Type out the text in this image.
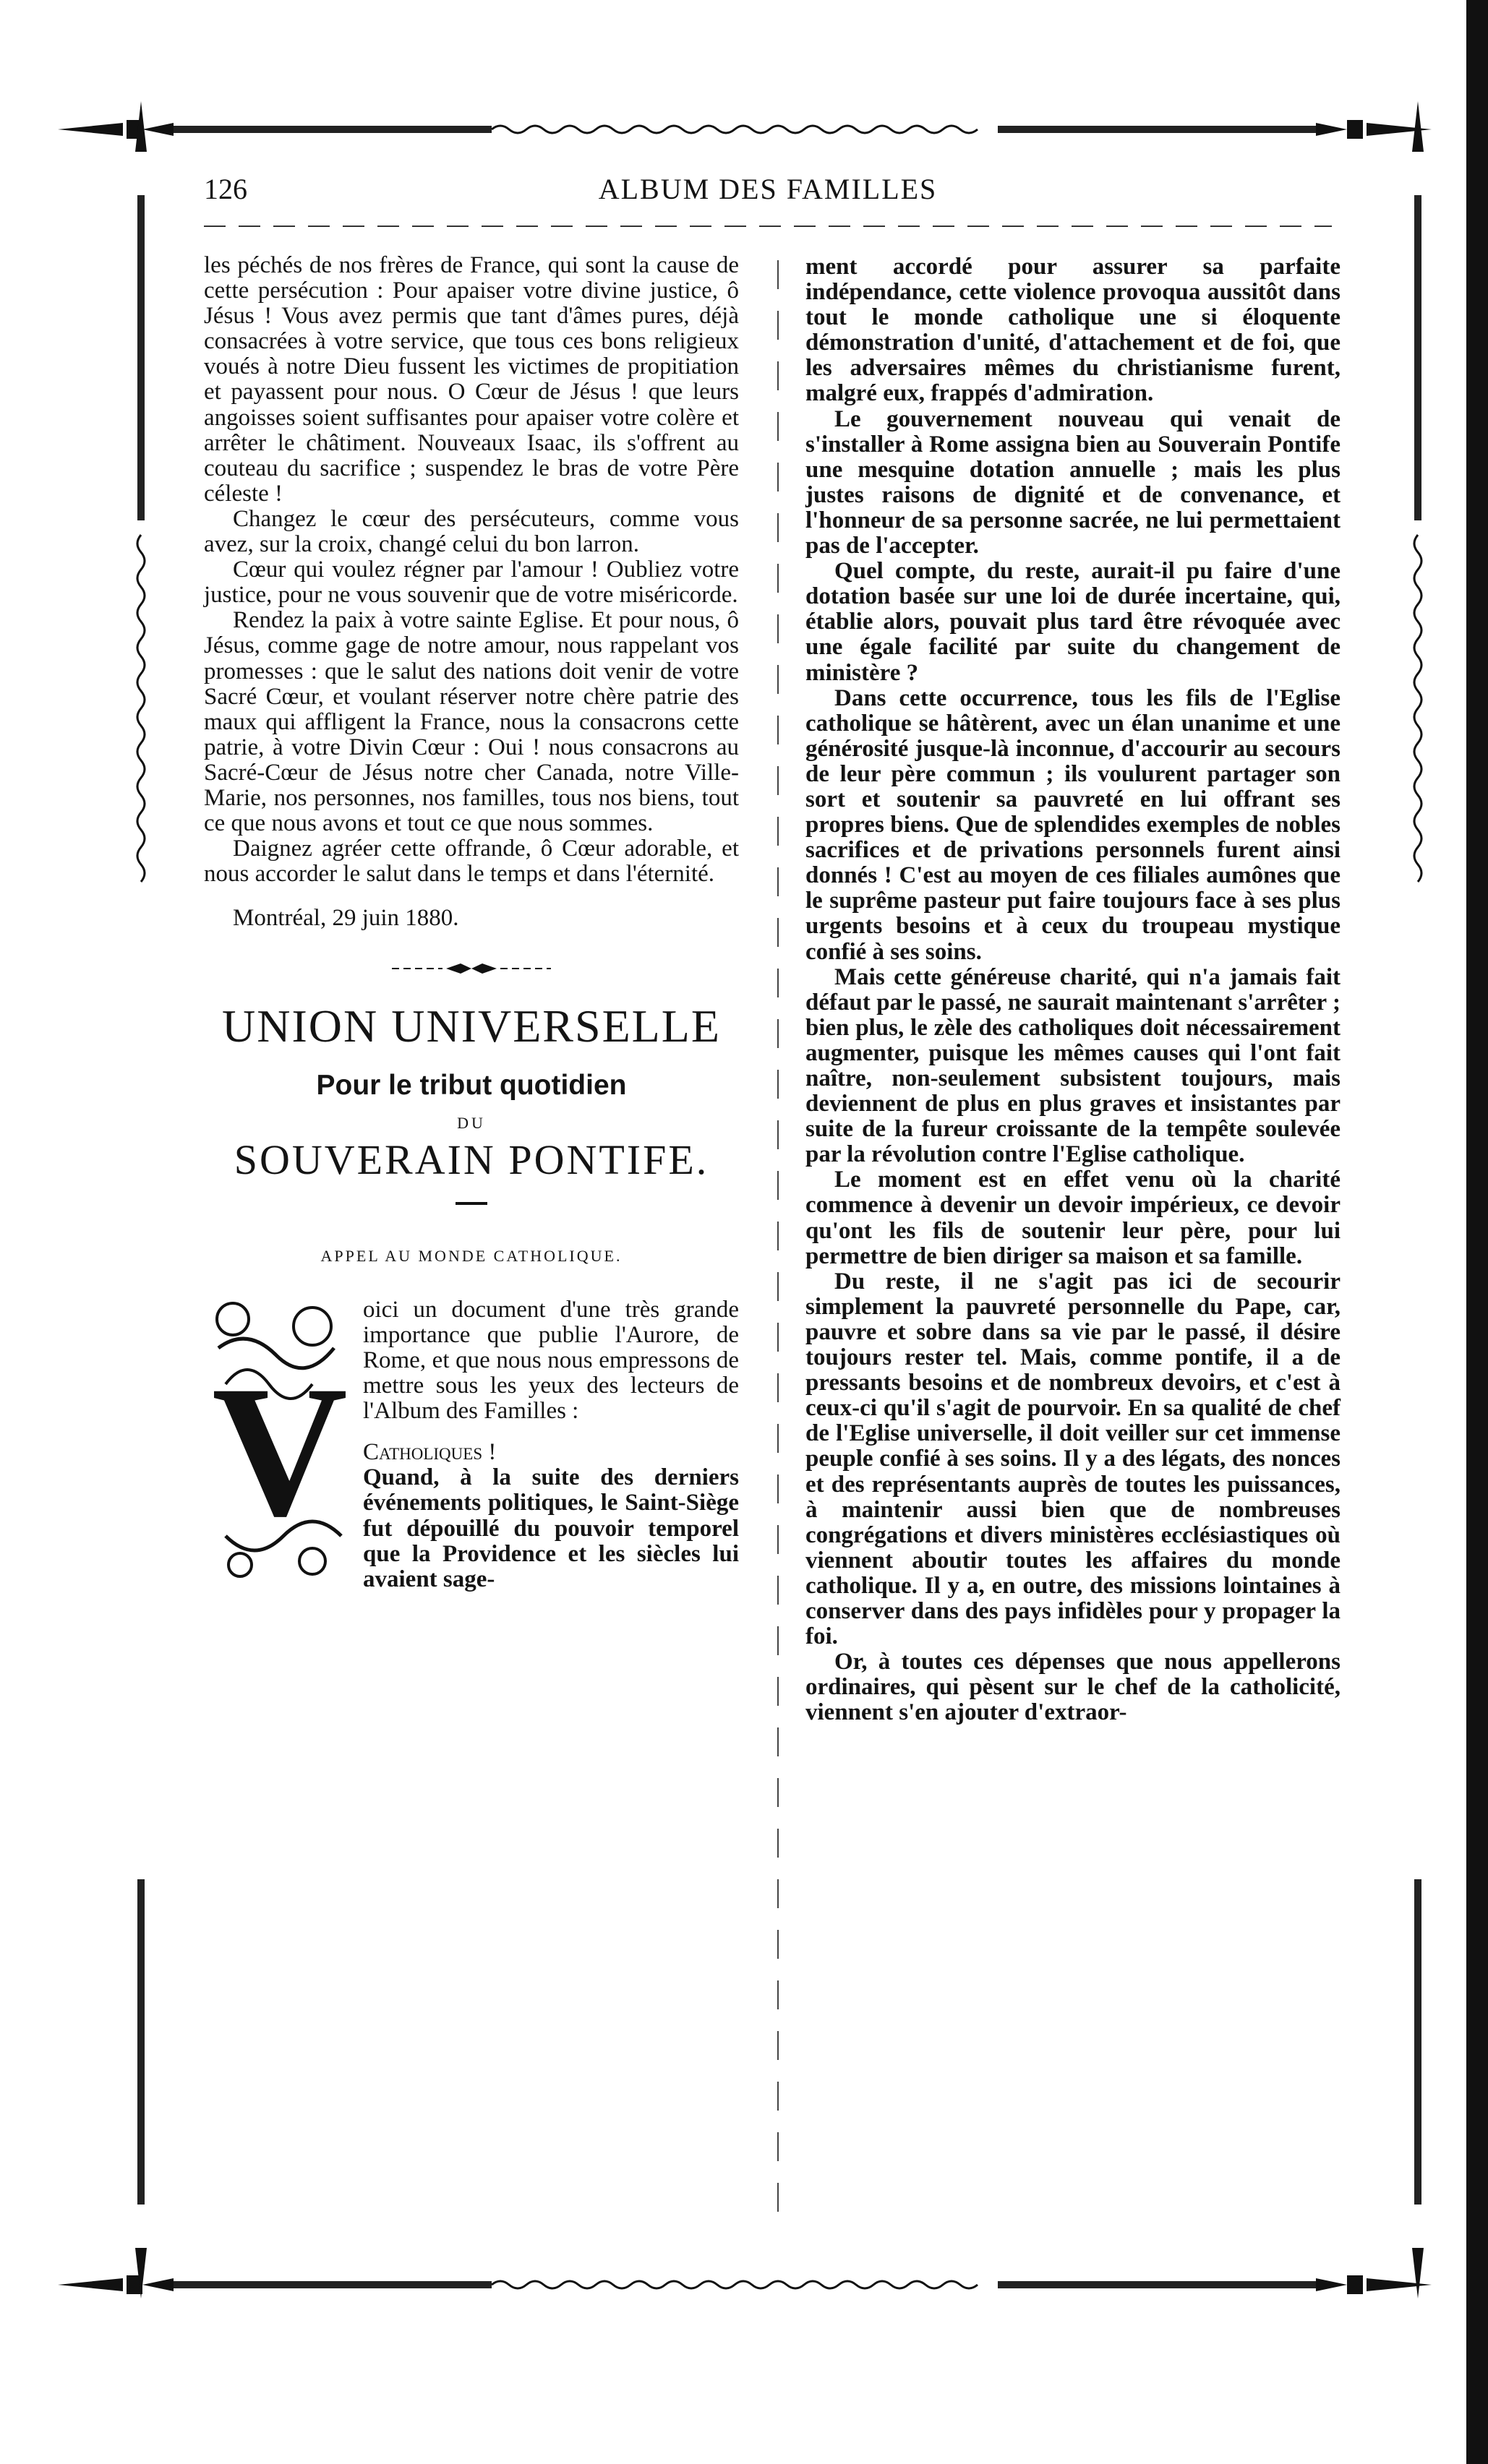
126	ALBUM DES FAMILLES

les péchés de nos frères de France, qui sont la cause de cette persécution : Pour apaiser votre divine justice, ô Jésus ! Vous avez permis que tant d'âmes pures, déjà consacrées à votre service, que tous ces bons religieux voués à notre Dieu fussent les victimes de propitiation et payassent pour nous. O Cœur de Jésus ! que leurs angoisses soient suffisantes pour apaiser votre colère et arrêter le châtiment. Nouveaux Isaac, ils s'offrent au couteau du sacrifice ; suspendez le bras de votre Père céleste !

Changez le cœur des persécuteurs, comme vous avez, sur la croix, changé celui du bon larron.

Cœur qui voulez régner par l'amour ! Oubliez votre justice, pour ne vous souvenir que de votre miséricorde.

Rendez la paix à votre sainte Eglise. Et pour nous, ô Jésus, comme gage de notre amour, nous rappelant vos promesses : que le salut des nations doit venir de votre Sacré Cœur, et voulant réserver notre chère patrie des maux qui affligent la France, nous la consacrons cette patrie, à votre Divin Cœur : Oui ! nous consacrons au Sacré-Cœur de Jésus notre cher Canada, notre Ville-Marie, nos personnes, nos familles, tous nos biens, tout ce que nous avons et tout ce que nous sommes.

Daignez agréer cette offrande, ô Cœur adorable, et nous accorder le salut dans le temps et dans l'éternité.

Montréal, 29 juin 1880.

UNION UNIVERSELLE
Pour le tribut quotidien
DU
SOUVERAIN PONTIFE.
APPEL AU MONDE CATHOLIQUE.
V

oici un document d'une très grande importance que publie l'Aurore, de Rome, et que nous nous empressons de mettre sous les yeux des lecteurs de l'Album des Familles :

Catholiques !

Quand, à la suite des derniers événements politiques, le Saint-Siège fut dépouillé du pouvoir temporel que la Providence et les siècles lui avaient sage-

ment accordé pour assurer sa parfaite indépendance, cette violence provoqua aussitôt dans tout le monde catholique une si éloquente démonstration d'unité, d'attachement et de foi, que les adversaires mêmes du christianisme furent, malgré eux, frappés d'admiration.

Le gouvernement nouveau qui venait de s'installer à Rome assigna bien au Souverain Pontife une mesquine dotation annuelle ; mais les plus justes raisons de dignité et de convenance, et l'honneur de sa personne sacrée, ne lui permettaient pas de l'accepter.

Quel compte, du reste, aurait-il pu faire d'une dotation basée sur une loi de durée incertaine, qui, établie alors, pouvait plus tard être révoquée avec une égale facilité par suite du changement de ministère ?

Dans cette occurrence, tous les fils de l'Eglise catholique se hâtèrent, avec un élan unanime et une générosité jusque-là inconnue, d'accourir au secours de leur père commun ; ils voulurent partager son sort et soutenir sa pauvreté en lui offrant ses propres biens. Que de splendides exemples de nobles sacrifices et de privations personnels furent ainsi donnés ! C'est au moyen de ces filiales aumônes que le suprême pasteur put faire toujours face à ses plus urgents besoins et à ceux du troupeau mystique confié à ses soins.

Mais cette généreuse charité, qui n'a jamais fait défaut par le passé, ne saurait maintenant s'arrêter ; bien plus, le zèle des catholiques doit nécessairement augmenter, puisque les mêmes causes qui l'ont fait naître, non-seulement subsistent toujours, mais deviennent de plus en plus graves et insistantes par suite de la fureur croissante de la tempête soulevée par la révolution contre l'Eglise catholique.

Le moment est en effet venu où la charité commence à devenir un devoir impérieux, ce devoir qu'ont les fils de soutenir leur père, pour lui permettre de bien diriger sa maison et sa famille.

Du reste, il ne s'agit pas ici de secourir simplement la pauvreté personnelle du Pape, car, pauvre et sobre dans sa vie par le passé, il désire toujours rester tel. Mais, comme pontife, il a de pressants besoins et de nombreux devoirs, et c'est à ceux-ci qu'il s'agit de pourvoir. En sa qualité de chef de l'Eglise universelle, il doit veiller sur cet immense peuple confié à ses soins. Il y a des légats, des nonces et des représentants auprès de toutes les puissances, à maintenir aussi bien que de nombreuses congrégations et divers ministères ecclésiastiques où viennent aboutir toutes les affaires du monde catholique. Il y a, en outre, des missions lointaines à conserver dans des pays infidèles pour y propager la foi.

Or, à toutes ces dépenses que nous appellerons ordinaires, qui pèsent sur le chef de la catholicité, viennent s'en ajouter d'extraor-
